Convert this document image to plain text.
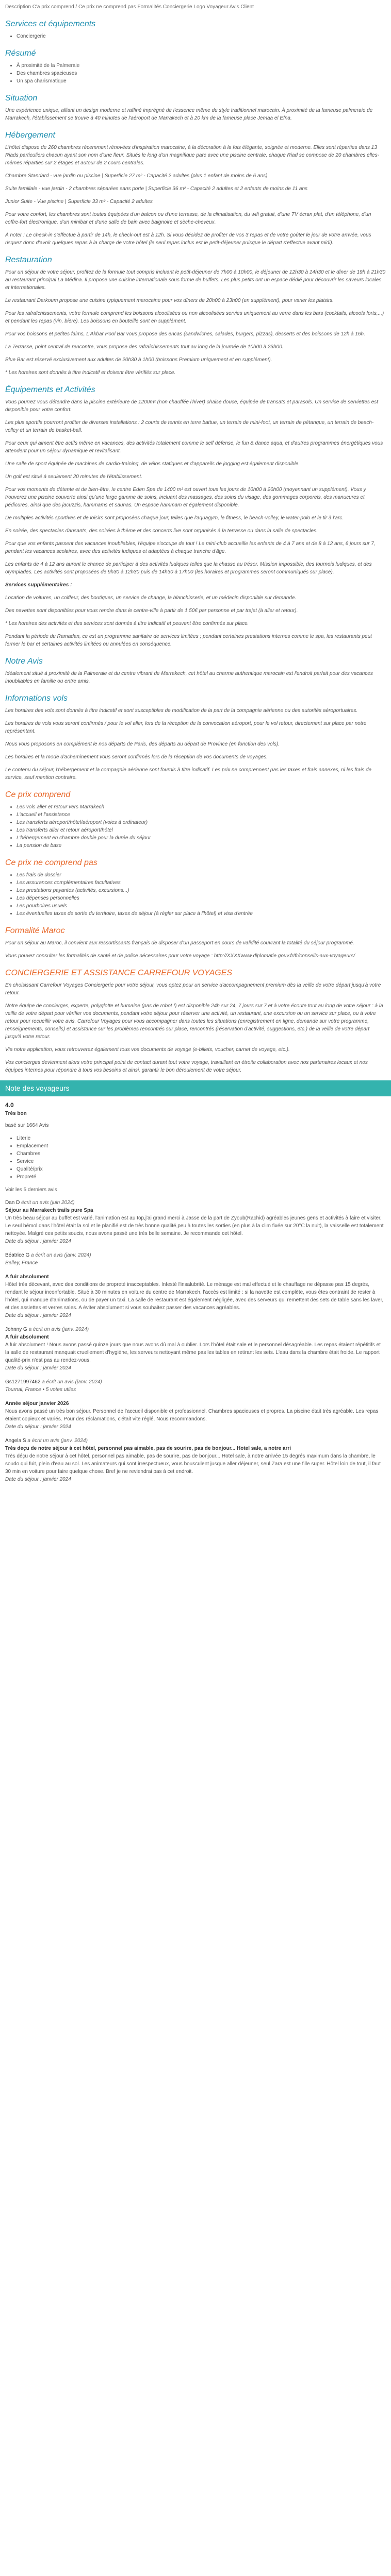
Description C'a prix comprend / Ce prix ne comprend pas Formalités Conciergerie Logo Voyageur Avis Client
Services et équipements
• Conciergerie
Résumé
• À proximité de la Palmeraie
• Des chambres spacieuses
• Un spa charismatique
Situation

Une expérience unique, alliant un design moderne et raffiné imprégné de l'essence même du style traditionnel marocain. À proximité de la fameuse palmeraie de Marrakech, l'établissement se trouve à 40 minutes de l'aéroport de Marrakech et à 20 km de la fameuse place Jemaa el Efna.

Hébergement

L'hôtel dispose de 260 chambres récemment rénovées d'inspiration marocaine, à la décoration à la fois élégante, soignée et moderne. Elles sont réparties dans 13 Riads particuliers chacun ayant son nom d'une fleur. Situés le long d'un magnifique parc avec une piscine centrale, chaque Riad se compose de 20 chambres elles-mêmes réparties sur 2 étages et autour de 2 cours centrales.

Chambre Standard - vue jardin ou piscine | Superficie 27 m² - Capacité 2 adultes (plus 1 enfant de moins de 6 ans)

Suite familiale - vue jardin - 2 chambres séparées sans porte | Superficie 36 m² - Capacité 2 adultes et 2 enfants de moins de 11 ans

Junior Suite - Vue piscine | Superficie 33 m² - Capacité 2 adultes

Pour votre confort, les chambres sont toutes équipées d'un balcon ou d'une terrasse, de la climatisation, du wifi gratuit, d'une TV écran plat, d'un téléphone, d'un coffre-fort électronique, d'un minibar et d'une salle de bain avec baignoire et sèche-cheveux.

À noter : Le check-in s'effectue à partir de 14h, le check-out est à 12h. Si vous décidez de profiter de vos 3 repas et de votre goûter le jour de votre arrivée, vous risquez donc d'avoir quelques repas à la charge de votre hôtel (le seul repas inclus est le petit-déjeuner puisque le départ s'effectue avant midi).

Restauration

Pour un séjour de votre séjour, profitez de la formule tout compris incluant le petit-déjeuner de 7h00 à 10h00, le déjeuner de 12h30 à 14h30 et le dîner de 19h à 21h30 au restaurant principal La Médina. Il propose une cuisine internationale sous forme de buffets. Les plus petits ont un espace dédié pour découvrir les saveurs locales et internationales.

Le restaurant Darkoum propose une cuisine typiquement marocaine pour vos dîners de 20h00 à 23h00 (en supplément), pour varier les plaisirs.

Pour les rafraîchissements, votre formule comprend les boissons alcoolisées ou non alcoolisées servies uniquement au verre dans les bars (cocktails, alcools forts,...) et pendant les repas (vin, bière). Les boissons en bouteille sont en supplément.

Pour vos boissons et petites faims, L'Akbar Pool Bar vous propose des encas (sandwiches, salades, burgers, pizzas), desserts et des boissons de 12h à 16h.

La Terrasse, point central de rencontre, vous propose des rafraîchissements tout au long de la journée de 10h00 à 23h00.

Blue Bar est réservé exclusivement aux adultes de 20h30 à 1h00 (boissons Premium uniquement et en supplément).

* Les horaires sont donnés à titre indicatif et doivent être vérifiés sur place.

Équipements et Activités

Vous pourrez vous détendre dans la piscine extérieure de 1200m² (non chauffée l'hiver) chaise douce, équipée de transats et parasols. Un service de serviettes est disponible pour votre confort.

Les plus sportifs pourront profiter de diverses installations : 2 courts de tennis en terre battue, un terrain de mini-foot, un terrain de pétanque, un terrain de beach-volley et un terrain de basket-ball.

Pour ceux qui aiment être actifs même en vacances, des activités totalement comme le self défense, le fun & dance aqua, et d'autres programmes énergétiques vous attendent pour un séjour dynamique et revitalisant.

Une salle de sport équipée de machines de cardio-training, de vélos statiques et d'appareils de jogging est également disponible.

Un golf est situé à seulement 20 minutes de l'établissement.

Pour vos moments de détente et de bien-être, le centre Eden Spa de 1400 m² est ouvert tous les jours de 10h00 à 20h00 (moyennant un supplément). Vous y trouverez une piscine couverte ainsi qu'une large gamme de soins, incluant des massages, des soins du visage, des gommages corporels, des manucures et pédicures, ainsi que des jacuzzis, hammams et saunas. Un espace hammam et également disponible.

De multiples activités sportives et de loisirs sont proposées chaque jour, telles que l'aquagym, le fitness, le beach-volley, le water-polo et le tir à l'arc.

En soirée, des spectacles dansants, des soirées à thème et des concerts live sont organisés à la terrasse ou dans la salle de spectacles.

Pour que vos enfants passent des vacances inoubliables, l'équipe s'occupe de tout ! Le mini-club accueille les enfants de 4 à 7 ans et de 8 à 12 ans, 6 jours sur 7, pendant les vacances scolaires, avec des activités ludiques et adaptées à chaque tranche d'âge.

Les enfants de 4 à 12 ans auront le chance de participer à des activités ludiques telles que la chasse au trésor. Mission impossible, des tournois ludiques, et des olympiades. Les activités sont proposées de 9h30 à 12h30 puis de 14h30 à 17h00 (les horaires et programmes seront communiqués sur place).

Services supplémentaires :

Location de voitures, un coiffeur, des boutiques, un service de change, la blanchisserie, et un médecin disponible sur demande.

Des navettes sont disponibles pour vous rendre dans le centre-ville à partir de 1.50€ par personne et par trajet (à aller et retour).

* Les horaires des activités et des services sont donnés à titre indicatif et peuvent être confirmés sur place.

Pendant la période du Ramadan, ce est un programme sanitaire de services limitées ; pendant certaines prestations internes comme le spa, les restaurants peut fermer le bar et certaines activités limitées ou annulées en conséquence.

Notre Avis

Idéalement situé à proximité de la Palmeraie et du centre vibrant de Marrakech, cet hôtel au charme authentique marocain est l'endroit parfait pour des vacances inoubliables en famille ou entre amis.

Informations vols

Les horaires des vols sont donnés à titre indicatif et sont susceptibles de modification de la part de la compagnie aérienne ou des autorités aéroportuaires.

Les horaires de vols vous seront confirmés / pour le vol aller, lors de la réception de la convocation aéroport, pour le vol retour, directement sur place par notre représentant.

Nous vous proposons en complément le nos départs de Paris, des départs au départ de Province (en fonction des vols).

Les horaires et la mode d'acheminement vous seront confirmés lors de la réception de vos documents de voyages.

Le contenu du séjour, l'hébergement et la compagnie aérienne sont fournis à titre indicatif. Les prix ne comprennent pas les taxes et frais annexes, ni les frais de service, sauf mention contraire.

Ce prix comprend
• Les vols aller et retour vers Marrakech
• L'accueil et l'assistance
• Les transferts aéroport/hôtel/aéroport (voies à ordinateur)
• Les transferts aller et retour aéroport/hôtel
• L'hébergement en chambre double pour la durée du séjour
• La pension de base
Ce prix ne comprend pas
• Les frais de dossier
• Les assurances complémentaires facultatives
• Les prestations payantes (activités, excursions...)
• Les dépenses personnelles
• Les pourboires usuels
• Les éventuelles taxes de sortie du territoire, taxes de séjour (à régler sur place à l'hôtel) et visa d'entrée
Formalité Maroc

Pour un séjour au Maroc, il convient aux ressortissants français de disposer d'un passeport en cours de validité couvrant la totalité du séjour programmé.

Vous pouvez consulter les formalités de santé et de police nécessaires pour votre voyage : http://XXXXwww.diplomatie.gouv.fr/fr/conseils-aux-voyageurs/

CONCIERGERIE ET ASSISTANCE CARREFOUR VOYAGES

En choisissant Carrefour Voyages Conciergerie pour votre séjour, vous optez pour un service d'accompagnement premium dès la veille de votre départ jusqu'à votre retour.

Notre équipe de concierges, experte, polyglotte et humaine (pas de robot !) est disponible 24h sur 24, 7 jours sur 7 et à votre écoute tout au long de votre séjour : à la veille de votre départ pour vérifier vos documents, pendant votre séjour pour réserver une activité, un restaurant, une excursion ou un service sur place, ou à votre retour pour recueillir votre avis. Carrefour Voyages pour vous accompagner dans toutes les situations (enregistrement en ligne, demande sur votre programme, renseignements, conseils) et assistance sur les problèmes rencontrés sur place, rencontrés (réservation d'activité, suggestions, etc.) de la veille de votre départ jusqu'à votre retour.

Via notre application, vous retrouverez également tous vos documents de voyage (e-billets, voucher, carnet de voyage, etc.).

Vos concierges deviennent alors votre principal point de contact durant tout votre voyage, travaillant en étroite collaboration avec nos partenaires locaux et nos équipes internes pour répondre à tous vos besoins et ainsi, garantir le bon déroulement de votre séjour.

Note des voyageurs

4.0

Très bon

basé sur 1664 Avis

• Literie
• Emplacement
• Chambres
• Service
• Qualité/prix
• Propreté

Voir les 5 derniers avis

Dan D écrit un avis (juin 2024)

Séjour au Marrakech trails pure Spa

Un très beau séjour au buffet est varié, l'animation est au top,j'ai grand merci à Jasse de la part de Zyoub(Rachid) agréables jeunes gens et activités à faire et visiter. Le seul bémol dans l'hôtel était la sol et le planifié est de très bonne qualité,peu à toutes les sorties (en plus à la clim fixée sur 20°C la nuit), la vaisselle est totalement nettoyée. Malgré ces petits soucis, nous avons passé une très belle semaine. Je recommande cet hôtel.

Date du séjour : janvier 2024

Béatrice G a écrit un avis (janv. 2024)

Belley, France

A fuir absolument

Hôtel très décevant, avec des conditions de propreté inacceptables. Infesté l'insalubrité. Le ménage est mal effectué et le chauffage ne dépasse pas 15 degrés, rendant le séjour inconfortable. Situé à 30 minutes en voiture du centre de Marrakech, l'accès est limité : si la navette est complète, vous êtes contraint de rester à l'hôtel, qui manque d'animations, ou de payer un taxi. La salle de restaurant est également négligée, avec des serveurs qui remettent des sets de table sans les laver, et des assiettes et verres sales. A éviter absolument si vous souhaitez passer des vacances agréables.

Date du séjour : janvier 2024

Johnny G a écrit un avis (janv. 2024)

A fuir absolument

A fuir absolument ! Nous avons passé quinze jours que nous avons dû mal à oublier. Lors l'hôtel était sale et le personnel désagréable. Les repas étaient répétitifs et la salle de restaurant manquait cruellement d'hygiène, les serveurs nettoyant même pas les tables en retirant les sets. L'eau dans la chambre était froide. Le rapport qualité-prix n'est pas au rendez-vous.

Date du séjour : janvier 2024

Gs1271997462 a écrit un avis (janv. 2024)

Tournai, France • 5 votes utiles

Année séjour janvier 2026

Nous avons passé un très bon séjour. Personnel de l'accueil disponible et professionnel. Chambres spacieuses et propres. La piscine était très agréable. Les repas étaient copieux et variés. Pour des réclamations, c'était vite réglé. Nous recommandons.

Date du séjour : janvier 2024

Angela S a écrit un avis (janv. 2024)

Très deçu de notre séjour à cet hôtel, personnel pas aimable, pas de sourire, pas de bonjour... Hotel sale, a notre arri

Très déçu de notre séjour à cet hôtel, personnel pas aimable, pas de sourire, pas de bonjour... Hotel sale, à notre arrivée 15 degrés maximum dans la chambre, le soudo qui fuit, plein d'eau au sol. Les animateurs qui sont irrespectueux, vous bousculent jusque aller déjeuner, seul Zara est une fille super. Hôtel loin de tout, il faut 30 min en voiture pour faire quelque chose. Bref je ne reviendrai pas à cet endroit.

Date du séjour : janvier 2024
